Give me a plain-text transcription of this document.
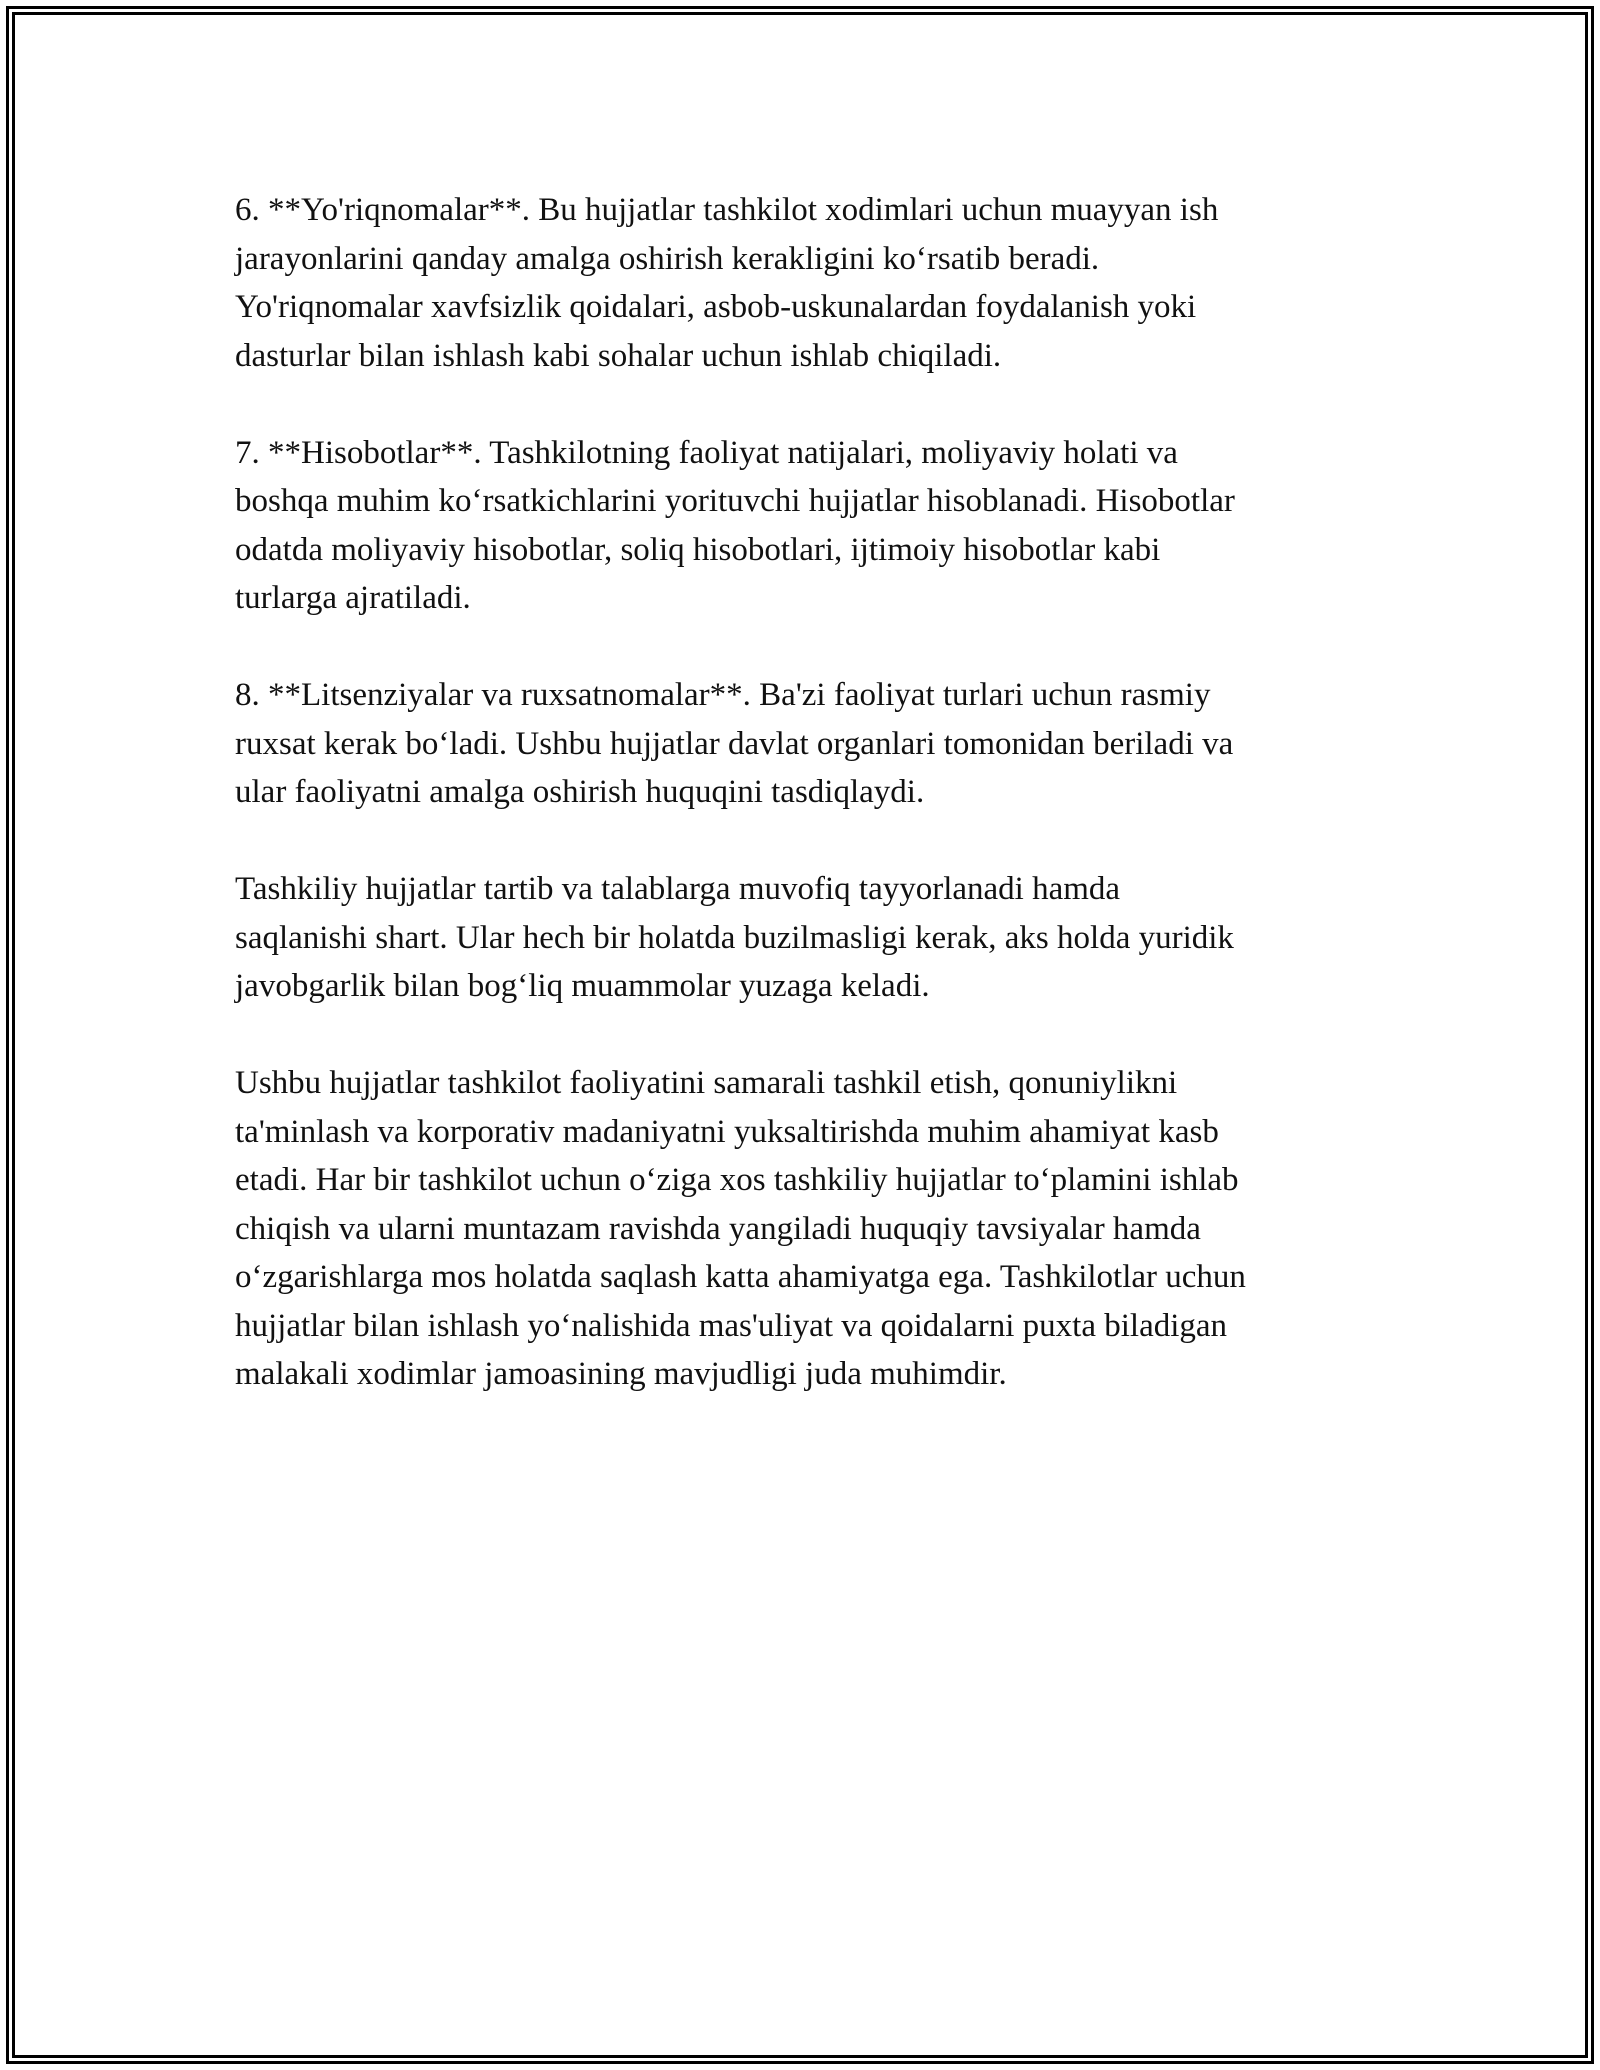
6. **Yo'riqnomalar**. Bu hujjatlar tashkilot xodimlari uchun muayyan ish
jarayonlarini qanday amalga oshirish kerakligini ko‘rsatib beradi.
Yo'riqnomalar xavfsizlik qoidalari, asbob-uskunalardan foydalanish yoki
dasturlar bilan ishlash kabi sohalar uchun ishlab chiqiladi.

7. **Hisobotlar**. Tashkilotning faoliyat natijalari, moliyaviy holati va
boshqa muhim ko‘rsatkichlarini yorituvchi hujjatlar hisoblanadi. Hisobotlar
odatda moliyaviy hisobotlar, soliq hisobotlari, ijtimoiy hisobotlar kabi
turlarga ajratiladi.

8. **Litsenziyalar va ruxsatnomalar**. Ba'zi faoliyat turlari uchun rasmiy
ruxsat kerak bo‘ladi. Ushbu hujjatlar davlat organlari tomonidan beriladi va
ular faoliyatni amalga oshirish huquqini tasdiqlaydi.

Tashkiliy hujjatlar tartib va talablarga muvofiq tayyorlanadi hamda
saqlanishi shart. Ular hech bir holatda buzilmasligi kerak, aks holda yuridik
javobgarlik bilan bog‘liq muammolar yuzaga keladi.

Ushbu hujjatlar tashkilot faoliyatini samarali tashkil etish, qonuniylikni
ta'minlash va korporativ madaniyatni yuksaltirishda muhim ahamiyat kasb
etadi. Har bir tashkilot uchun o‘ziga xos tashkiliy hujjatlar to‘plamini ishlab
chiqish va ularni muntazam ravishda yangiladi huquqiy tavsiyalar hamda
o‘zgarishlarga mos holatda saqlash katta ahamiyatga ega. Tashkilotlar uchun
hujjatlar bilan ishlash yo‘nalishida mas'uliyat va qoidalarni puxta biladigan
malakali xodimlar jamoasining mavjudligi juda muhimdir.
